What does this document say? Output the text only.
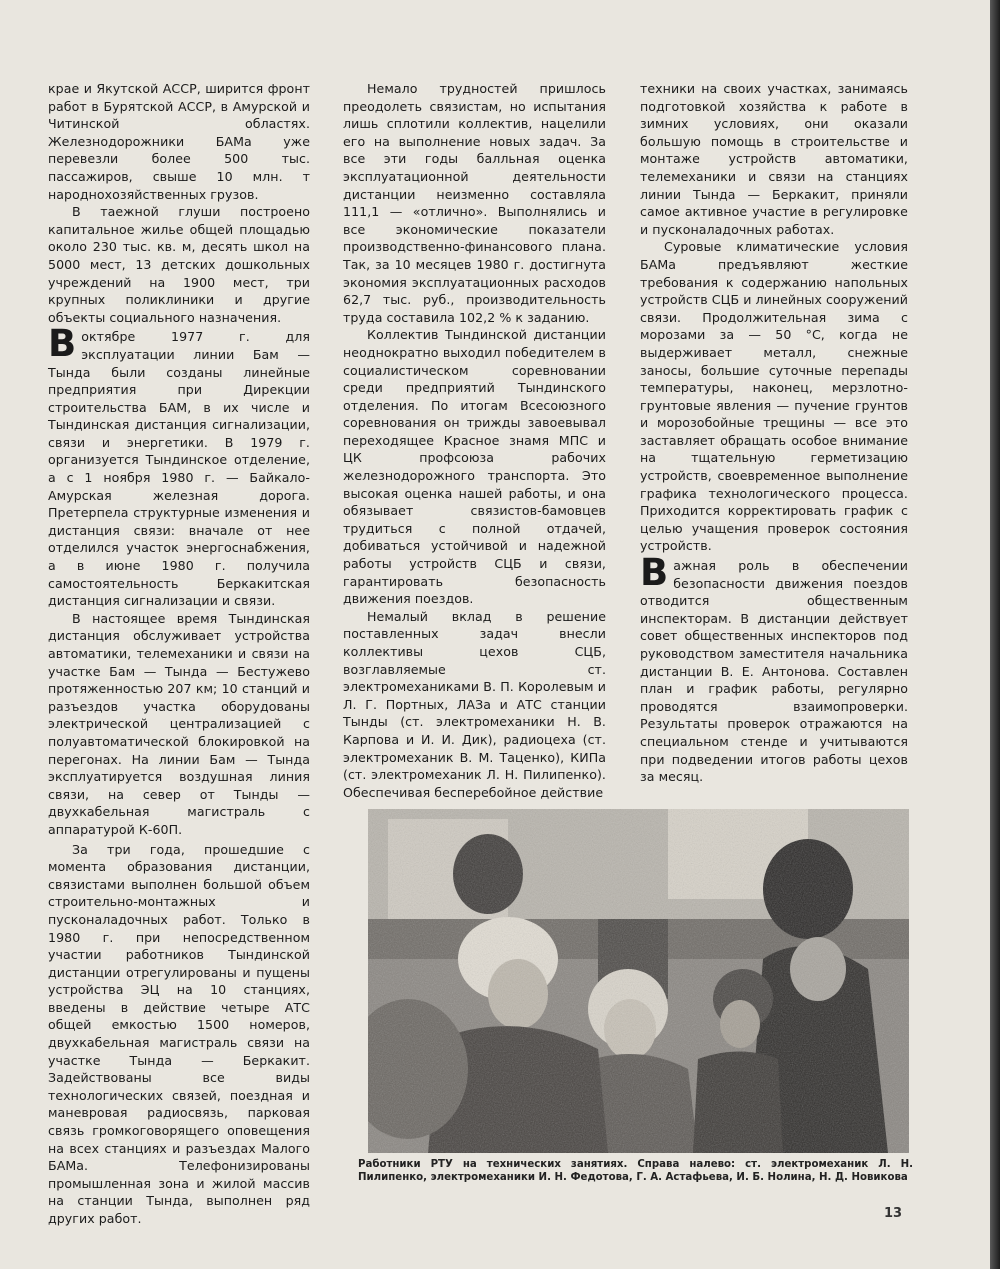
крае и Якутской АССР, ширится фронт работ в Бурятской АССР, в Амурской и Читинской областях. Железнодорожники БАМа уже перевезли более 500 тыс. пассажиров, свыше 10 млн. т народнохозяйственных грузов.

В таежной глуши построено капитальное жилье общей площадью около 230 тыс. кв. м, десять школ на 5000 мест, 13 детских дошкольных учреждений на 1900 мест, три крупных поликлиники и другие объекты социального назначения.

Воктябре 1977 г. для эксплуатации линии Бам — Тында были созданы линейные предприятия при Дирекции строительства БАМ, в их числе и Тындинская дистанция сигнализации, связи и энергетики. В 1979 г. организуется Тындинское отделение, а с 1 ноября 1980 г. — Байкало-Амурская железная дорога. Претерпела структурные изменения и дистанция связи: вначале от нее отделился участок энергоснабжения, а в июне 1980 г. получила самостоятельность Беркакитская дистанция сигнализации и связи.

В настоящее время Тындинская дистанция обслуживает устройства автоматики, телемеханики и связи на участке Бам — Тында — Бестужево протяженностью 207 км; 10 станций и разъездов участка оборудованы электрической централизацией с полуавтоматической блокировкой на перегонах. На линии Бам — Тында эксплуатируется воздушная линия связи, на север от Тынды — двухкабельная магистраль с аппаратурой К-60П.

За три года, прошедшие с момента образования дистанции, связистами выполнен большой объем строительно-монтажных и пусконаладочных работ. Только в 1980 г. при непосредственном участии работников Тындинской дистанции отрегулированы и пущены устройства ЭЦ на 10 станциях, введены в действие четыре АТС общей емкостью 1500 номеров, двухкабельная магистраль связи на участке Тында — Беркакит. Задействованы все виды технологических связей, поездная и маневровая радиосвязь, парковая связь громкоговорящего оповещения на всех станциях и разъездах Малого БАМа. Телефонизированы промышленная зона и жилой массив на станции Тында, выполнен ряд других работ.

Немало трудностей пришлось преодолеть связистам, но испытания лишь сплотили коллектив, нацелили его на выполнение новых задач. За все эти годы балльная оценка эксплуатационной деятельности дистанции неизменно составляла 111,1 — «отлично». Выполнялись и все экономические показатели производственно-финансового плана. Так, за 10 месяцев 1980 г. достигнута экономия эксплуатационных расходов 62,7 тыс. руб., производительность труда составила 102,2 % к заданию.

Коллектив Тындинской дистанции неоднократно выходил победителем в социалистическом соревновании среди предприятий Тындинского отделения. По итогам Всесоюзного соревнования он трижды завоевывал переходящее Красное знамя МПС и ЦК профсоюза рабочих железнодорожного транспорта. Это высокая оценка нашей работы, и она обязывает связистов-бамовцев трудиться с полной отдачей, добиваться устойчивой и надежной работы устройств СЦБ и связи, гарантировать безопасность движения поездов.

Немалый вклад в решение поставленных задач внесли коллективы цехов СЦБ, возглавляемые ст. электромеханиками В. П. Королевым и Л. Г. Портных, ЛАЗа и АТС станции Тынды (ст. электромеханики Н. В. Карпова и И. И. Дик), радиоцеха (ст. электромеханик В. М. Таценко), КИПа (ст. электромеханик Л. Н. Пилипенко). Обеспечивая бесперебойное действие

техники на своих участках, занимаясь подготовкой хозяйства к работе в зимних условиях, они оказали большую помощь в строительстве и монтаже устройств автоматики, телемеханики и связи на станциях линии Тында — Беркакит, приняли самое активное участие в регулировке и пусконаладочных работах.

Суровые климатические условия БАМа предъявляют жесткие требования к содержанию напольных устройств СЦБ и линейных сооружений связи. Продолжительная зима с морозами за — 50 °С, когда не выдерживает металл, снежные заносы, большие суточные перепады температуры, наконец, мерзлотно-грунтовые явления — пучение грунтов и морозобойные трещины — все это заставляет обращать особое внимание на тщательную герметизацию устройств, своевременное выполнение графика технологического процесса. Приходится корректировать график с целью учащения проверок состояния устройств.

Важная роль в обеспечении безопасности движения поездов отводится общественным инспекторам. В дистанции действует совет общественных инспекторов под руководством заместителя начальника дистанции В. Е. Антонова. Составлен план и график работы, регулярно проводятся взаимопроверки. Результаты проверок отражаются на специальном стенде и учитываются при подведении итогов работы цехов за месяц.

Работники РТУ на технических занятиях. Справа налево: ст. электромеханик Л. Н. Пилипенко, электромеханики И. Н. Федотова, Г. А. Астафьева, И. Б. Нолина, Н. Д. Новикова
13
